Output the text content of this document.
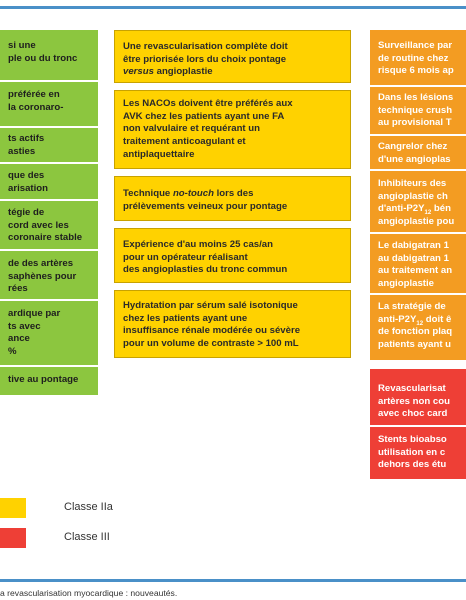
si une

ple ou du tronc

préférée en

la coronaro-

ts actifs

asties

que des

arisation

tégie de

cord avec les

coronaire stable

de des artères

saphènes pour

rées

ardique par

ts avec

ance

%

tive au pontage

Une revascularisation complète doit

être priorisée lors du choix pontage

versus angioplastie

Les NACOs doivent être préférés aux

AVK chez les patients ayant une FA

non valvulaire et requérant un

traitement anticoagulant et

antiplaquettaire

Technique no-touch lors des

prélèvements veineux pour pontage

Expérience d'au moins 25 cas/an

pour un opérateur réalisant

des angioplasties du tronc commun

Hydratation par sérum salé isotonique

chez les patients ayant une

insuffisance rénale modérée ou sévère

pour un volume de contraste > 100 mL

Surveillance par

de routine chez

risque 6 mois ap

Dans les lésions

technique crush

au provisional T

Cangrelor chez

d'une angioplas

Inhibiteurs des

angioplastie ch

$d'anti-P2Y_{12}$ bén

angioplastie pou

Le dabigatran 1

au dabigatran 1

au traitement an

angioplastie

La stratégie de

anti-$P2Y_{12}$ doit ê

de fonction plaq

patients ayant u

Revascularisat

artères non cou

avec choc card

Stents bioabso

utilisation en c

dehors des étu

Classe IIa
Classe III
a revascularisation myocardique : nouveautés.
